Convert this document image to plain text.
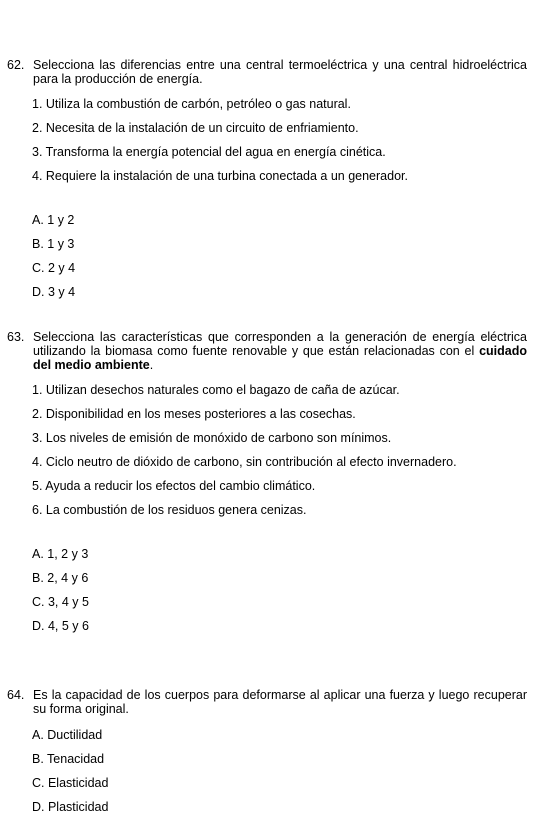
62. Selecciona las diferencias entre una central termoeléctrica y una central hidroeléctrica para la producción de energía.
1. Utiliza la combustión de carbón, petróleo o gas natural.
2. Necesita de la instalación de un circuito de enfriamiento.
3. Transforma la energía potencial del agua en energía cinética.
4. Requiere la instalación de una turbina conectada a un generador.
A. 1 y 2
B. 1 y 3
C. 2 y 4
D. 3 y 4
63. Selecciona las características que corresponden a la generación de energía eléctrica utilizando la biomasa como fuente renovable y que están relacionadas con el cuidado del medio ambiente.
1. Utilizan desechos naturales como el bagazo de caña de azúcar.
2. Disponibilidad en los meses posteriores a las cosechas.
3. Los niveles de emisión de monóxido de carbono son mínimos.
4. Ciclo neutro de dióxido de carbono, sin contribución al efecto invernadero.
5. Ayuda a reducir los efectos del cambio climático.
6. La combustión de los residuos genera cenizas.
A. 1, 2 y 3
B. 2, 4 y 6
C. 3, 4 y 5
D. 4, 5 y 6
64. Es la capacidad de los cuerpos para deformarse al aplicar una fuerza y luego recuperar su forma original.
A. Ductilidad
B. Tenacidad
C. Elasticidad
D. Plasticidad
